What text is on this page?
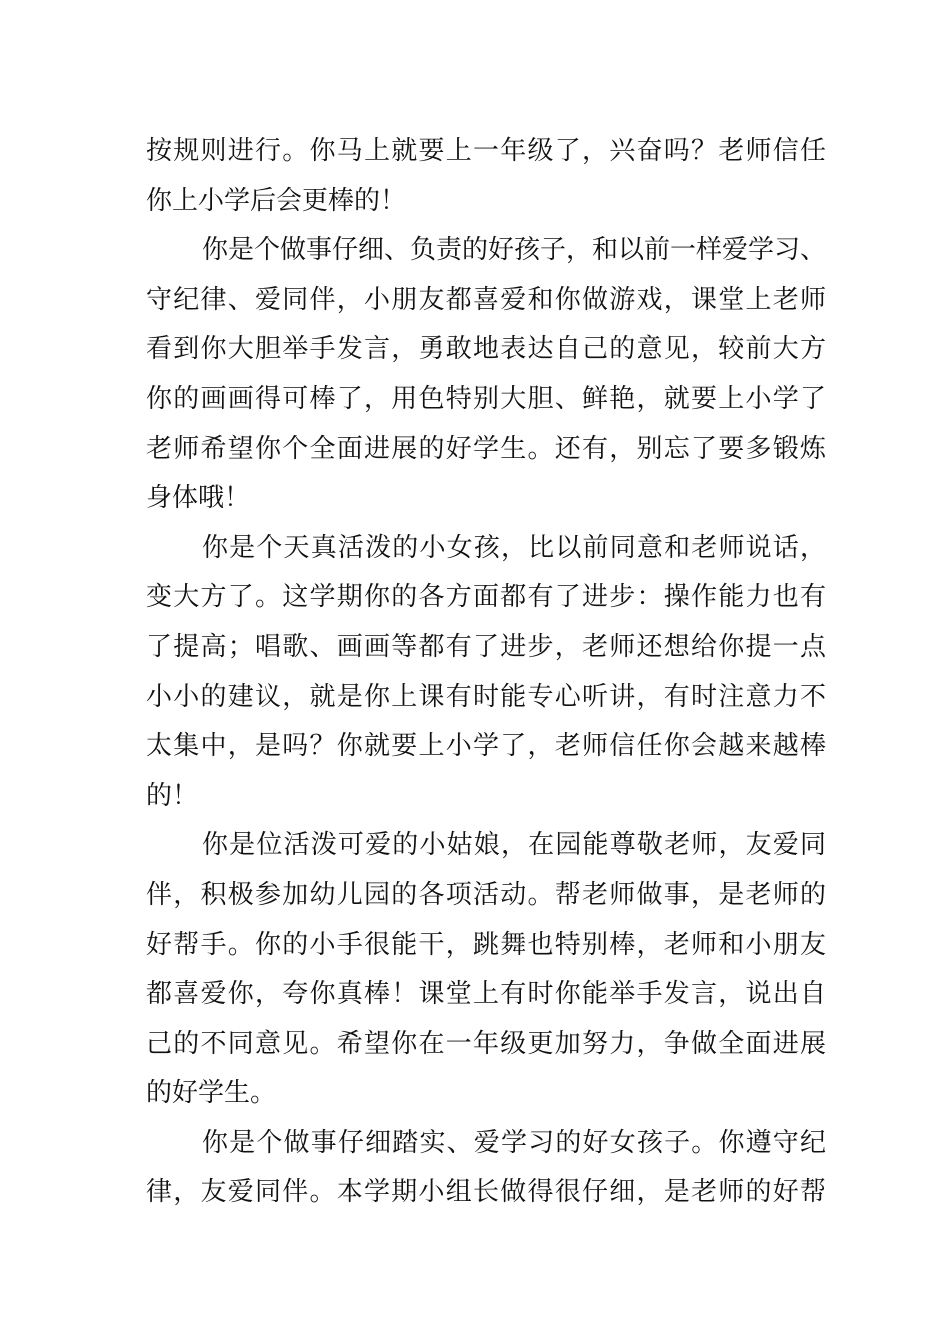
按规则进行。你马上就要上一年级了，兴奋吗？老师信任
你上小学后会更棒的！
你是个做事仔细、负责的好孩子，和以前一样爱学习、
守纪律、爱同伴，小朋友都喜爱和你做游戏，课堂上老师
看到你大胆举手发言，勇敢地表达自己的意见，较前大方
你的画画得可棒了，用色特别大胆、鲜艳，就要上小学了
老师希望你个全面进展的好学生。还有，别忘了要多锻炼
身体哦！
你是个天真活泼的小女孩，比以前同意和老师说话，
变大方了。这学期你的各方面都有了进步：操作能力也有
了提高；唱歌、画画等都有了进步，老师还想给你提一点
小小的建议，就是你上课有时能专心听讲，有时注意力不
太集中，是吗？你就要上小学了，老师信任你会越来越棒
的！
你是位活泼可爱的小姑娘，在园能尊敬老师，友爱同
伴，积极参加幼儿园的各项活动。帮老师做事，是老师的
好帮手。你的小手很能干，跳舞也特别棒，老师和小朋友
都喜爱你，夸你真棒！课堂上有时你能举手发言，说出自
己的不同意见。希望你在一年级更加努力，争做全面进展
的好学生。
你是个做事仔细踏实、爱学习的好女孩子。你遵守纪
律，友爱同伴。本学期小组长做得很仔细，是老师的好帮
